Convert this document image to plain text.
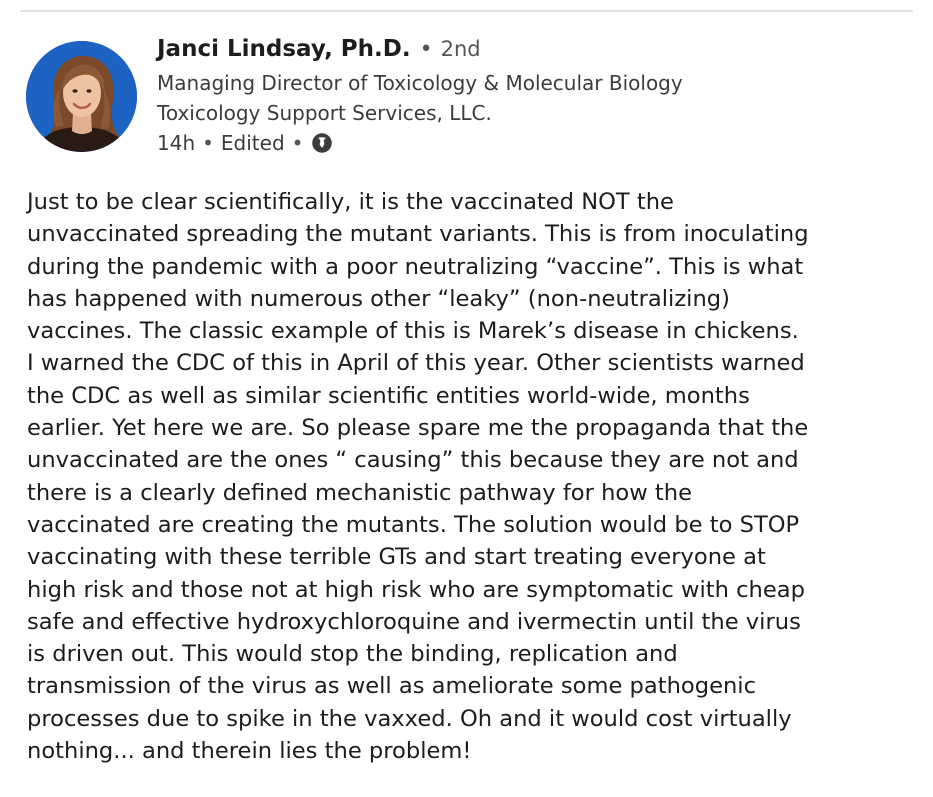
Janci Lindsay, Ph.D. • 2nd
Managing Director of Toxicology & Molecular Biology
Toxicology Support Services, LLC.
14h • Edited •
Just to be clear scientifically, it is the vaccinated NOT the
unvaccinated spreading the mutant variants. This is from inoculating
during the pandemic with a poor neutralizing “vaccine”. This is what
has happened with numerous other “leaky” (non-neutralizing)
vaccines. The classic example of this is Marek’s disease in chickens.
I warned the CDC of this in April of this year. Other scientists warned
the CDC as well as similar scientific entities world-wide, months
earlier. Yet here we are. So please spare me the propaganda that the
unvaccinated are the ones “ causing” this because they are not and
there is a clearly defined mechanistic pathway for how the
vaccinated are creating the mutants. The solution would be to STOP
vaccinating with these terrible GTs and start treating everyone at
high risk and those not at high risk who are symptomatic with cheap
safe and effective hydroxychloroquine and ivermectin until the virus
is driven out. This would stop the binding, replication and
transmission of the virus as well as ameliorate some pathogenic
processes due to spike in the vaxxed. Oh and it would cost virtually
nothing... and therein lies the problem!
